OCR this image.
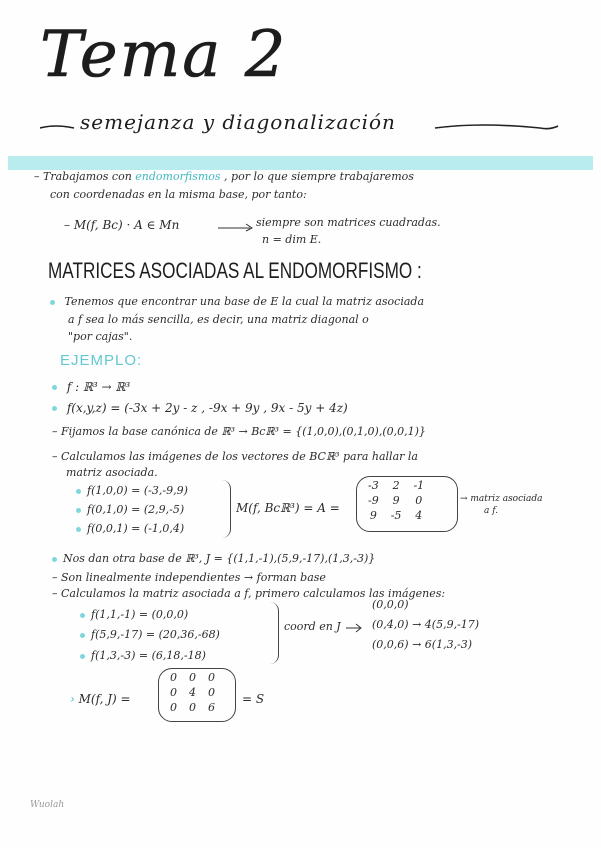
Tema 2
semejanza y diagonalización
– Trabajamos con endomorfismos , por lo que siempre trabajaremos
con coordenadas en la misma base, por tanto:
– M(f, Bc) · A ∈ Mn	siempre son matrices cuadradas.
n = dim E.
MATRICES ASOCIADAS AL ENDOMORFISMO :
Tenemos que encontrar una base de E la cual la matriz asociada
a f sea lo más sencilla, es decir, una matriz diagonal o
"por cajas".
EJEMPLO:
f : ℝ³ → ℝ³
f(x,y,z) = (-3x + 2y - z , -9x + 9y , 9x - 5y + 4z)
– Fijamos la base canónica de ℝ³ → Bcℝ³ = {(1,0,0),(0,1,0),(0,0,1)}
– Calculamos las imágenes de los vectores de BCℝ³ para hallar la
matriz asociada.
f(1,0,0) = (-3,-9,9)
f(0,1,0) = (2,9,-5)
f(0,0,1) = (-1,0,4)
M(f, Bcℝ³) = A =
-3	2	-1
-9	9	0
9	-5	4
→ matriz asociada
a f.
Nos dan otra base de ℝ³, J = {(1,1,-1),(5,9,-17),(1,3,-3)}
– Son linealmente independientes → forman base
– Calculamos la matriz asociada a f, primero calculamos las imágenes:
f(1,1,-1) = (0,0,0)
f(5,9,-17) = (20,36,-68)
f(1,3,-3) = (6,18,-18)
coord en J
(0,0,0)
(0,4,0) → 4(5,9,-17)
(0,0,6) → 6(1,3,-3)
› M(f, J) =
0	0	0
0	4	0
0	0	6
= S
Wuolah
